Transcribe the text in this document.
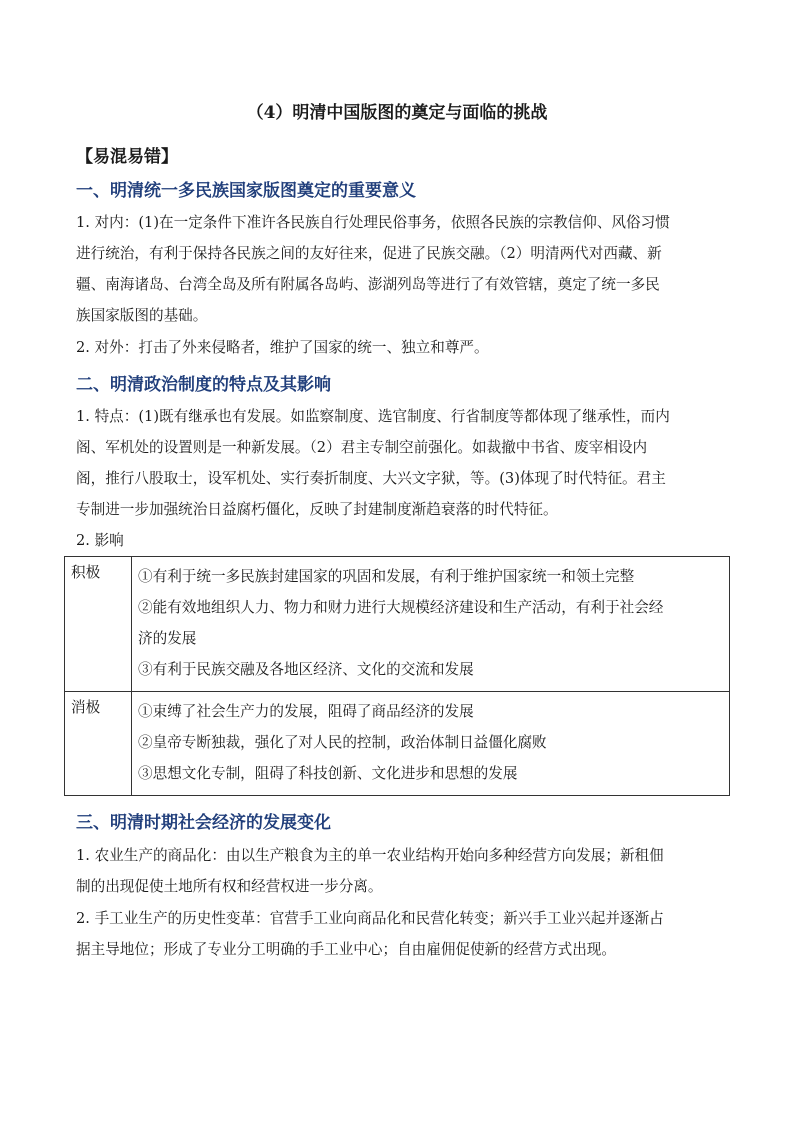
（4）明清中国版图的奠定与面临的挑战
【易混易错】
一、明清统一多民族国家版图奠定的重要意义
1. 对内：(1)在一定条件下准许各民族自行处理民俗事务，依照各民族的宗教信仰、风俗习惯
进行统治，有利于保持各民族之间的友好往来，促进了民族交融。（2）明清两代对西藏、新
疆、南海诸岛、台湾全岛及所有附属各岛屿、澎湖列岛等进行了有效管辖，奠定了统一多民
族国家版图的基础。
2. 对外：打击了外来侵略者，维护了国家的统一、独立和尊严。
二、明清政治制度的特点及其影响
1. 特点：(1)既有继承也有发展。如监察制度、选官制度、行省制度等都体现了继承性，而内
阁、军机处的设置则是一种新发展。（2）君主专制空前强化。如裁撤中书省、废宰相设内
阁，推行八股取士，设军机处、实行奏折制度、大兴文字狱，等。(3)体现了时代特征。君主
专制进一步加强统治日益腐朽僵化，反映了封建制度渐趋衰落的时代特征。
2. 影响
积极	①有利于统一多民族封建国家的巩固和发展，有利于维护国家统一和领土完整
②能有效地组织人力、物力和财力进行大规模经济建设和生产活动，有利于社会经
济的发展
③有利于民族交融及各地区经济、文化的交流和发展

消极	①束缚了社会生产力的发展，阻碍了商品经济的发展
②皇帝专断独裁，强化了对人民的控制，政治体制日益僵化腐败
③思想文化专制，阻碍了科技创新、文化进步和思想的发展
三、明清时期社会经济的发展变化
1. 农业生产的商品化：由以生产粮食为主的单一农业结构开始向多种经营方向发展；新租佃
制的出现促使土地所有权和经营权进一步分离。
2. 手工业生产的历史性变革：官营手工业向商品化和民营化转变；新兴手工业兴起并逐渐占
据主导地位；形成了专业分工明确的手工业中心；自由雇佣促使新的经营方式出现。
